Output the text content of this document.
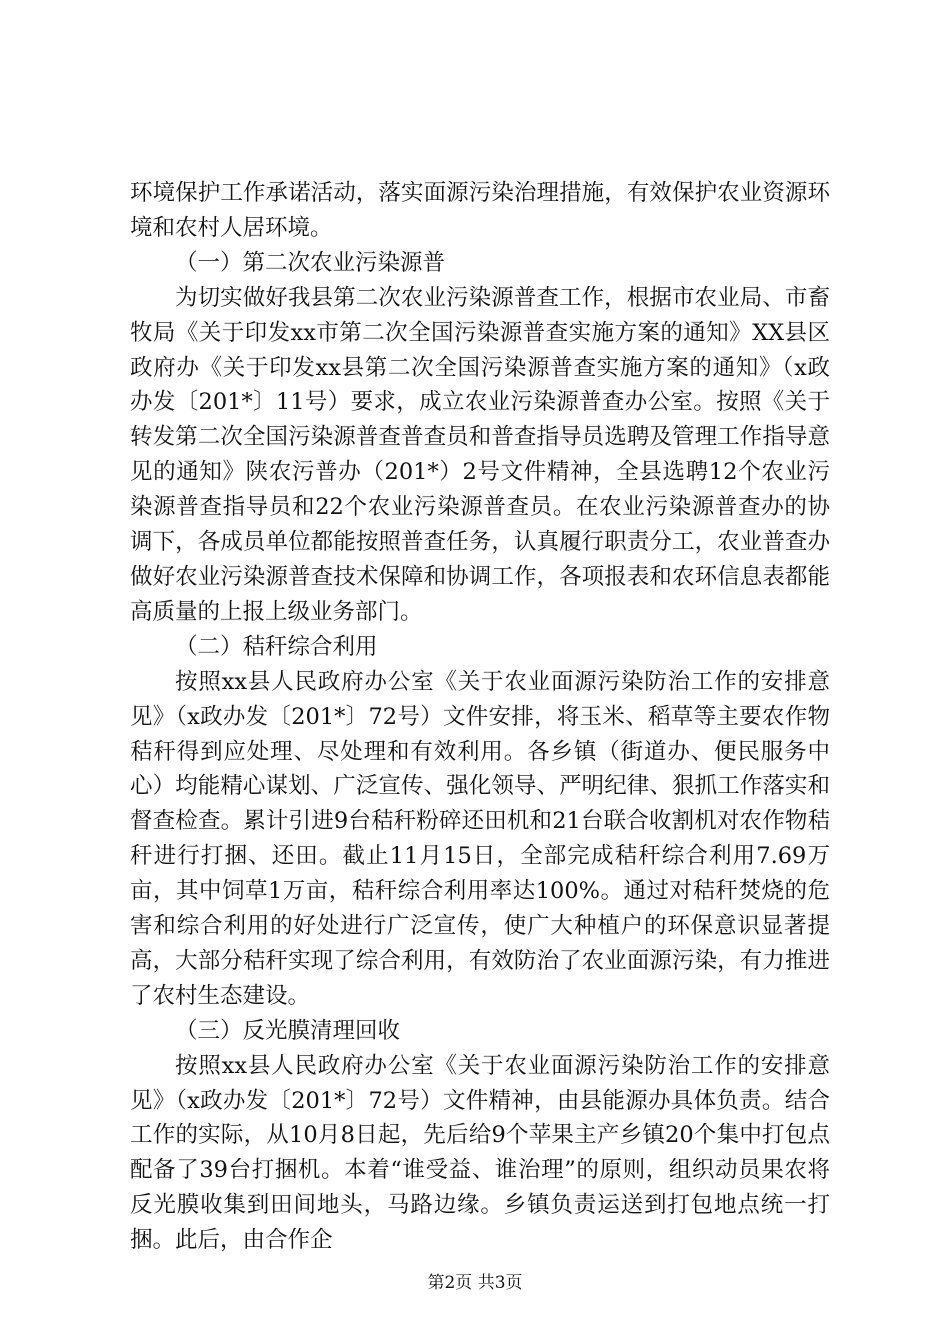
环境保护工作承诺活动，落实面源污染治理措施，有效保护农业资源环境和农村人居环境。

（一）第二次农业污染源普

为切实做好我县第二次农业污染源普查工作，根据市农业局、市畜牧局《关于印发xx市第二次全国污染源普查实施方案的通知》XX县区政府办《关于印发xx县第二次全国污染源普查实施方案的通知》（x政办发〔201*〕11号）要求，成立农业污染源普查办公室。按照《关于转发第二次全国污染源普查普查员和普查指导员选聘及管理工作指导意见的通知》陕农污普办（201*）2号文件精神，全县选聘12个农业污染源普查指导员和22个农业污染源普查员。在农业污染源普查办的协调下，各成员单位都能按照普查任务，认真履行职责分工，农业普查办做好农业污染源普查技术保障和协调工作，各项报表和农环信息表都能高质量的上报上级业务部门。

（二）秸秆综合利用

按照xx县人民政府办公室《关于农业面源污染防治工作的安排意见》（x政办发〔201*〕72号）文件安排，将玉米、稻草等主要农作物秸秆得到应处理、尽处理和有效利用。各乡镇（街道办、便民服务中心）均能精心谋划、广泛宣传、强化领导、严明纪律、狠抓工作落实和督查检查。累计引进9台秸秆粉碎还田机和21台联合收割机对农作物秸秆进行打捆、还田。截止11月15日，全部完成秸秆综合利用7.69万亩，其中饲草1万亩，秸秆综合利用率达100%。通过对秸秆焚烧的危害和综合利用的好处进行广泛宣传，使广大种植户的环保意识显著提高，大部分秸秆实现了综合利用，有效防治了农业面源污染，有力推进了农村生态建设。

（三）反光膜清理回收

按照xx县人民政府办公室《关于农业面源污染防治工作的安排意见》（x政办发〔201*〕72号）文件精神，由县能源办具体负责。结合工作的实际，从10月8日起，先后给9个苹果主产乡镇20个集中打包点配备了39台打捆机。本着“谁受益、谁治理”的原则，组织动员果农将反光膜收集到田间地头，马路边缘。乡镇负责运送到打包地点统一打捆。此后，由合作企

第2页 共3页
